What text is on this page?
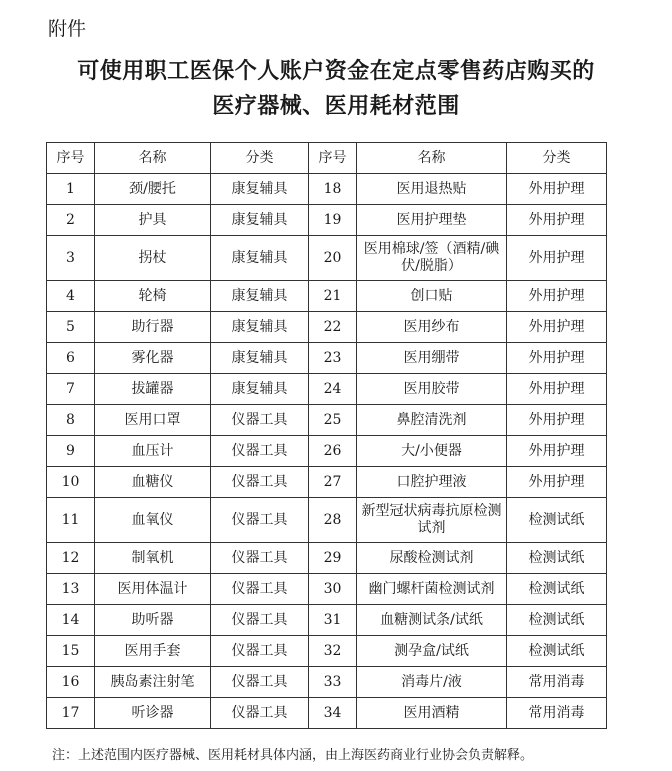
附件
可使用职工医保个人账户资金在定点零售药店购买的
医疗器械、医用耗材范围
序号	名称	分类	序号	名称	分类
1	颈/腰托	康复辅具	18	医用退热贴	外用护理
2	护具	康复辅具	19	医用护理垫	外用护理
3	拐杖	康复辅具	20	医用棉球/签（酒精/碘伏/脱脂）	外用护理
4	轮椅	康复辅具	21	创口贴	外用护理
5	助行器	康复辅具	22	医用纱布	外用护理
6	雾化器	康复辅具	23	医用绷带	外用护理
7	拔罐器	康复辅具	24	医用胶带	外用护理
8	医用口罩	仪器工具	25	鼻腔清洗剂	外用护理
9	血压计	仪器工具	26	大/小便器	外用护理
10	血糖仪	仪器工具	27	口腔护理液	外用护理
11	血氧仪	仪器工具	28	新型冠状病毒抗原检测试剂	检测试纸
12	制氧机	仪器工具	29	尿酸检测试剂	检测试纸
13	医用体温计	仪器工具	30	幽门螺杆菌检测试剂	检测试纸
14	助听器	仪器工具	31	血糖测试条/试纸	检测试纸
15	医用手套	仪器工具	32	测孕盒/试纸	检测试纸
16	胰岛素注射笔	仪器工具	33	消毒片/液	常用消毒
17	听诊器	仪器工具	34	医用酒精	常用消毒
注：上述范围内医疗器械、医用耗材具体内涵，由上海医药商业行业协会负责解释。
